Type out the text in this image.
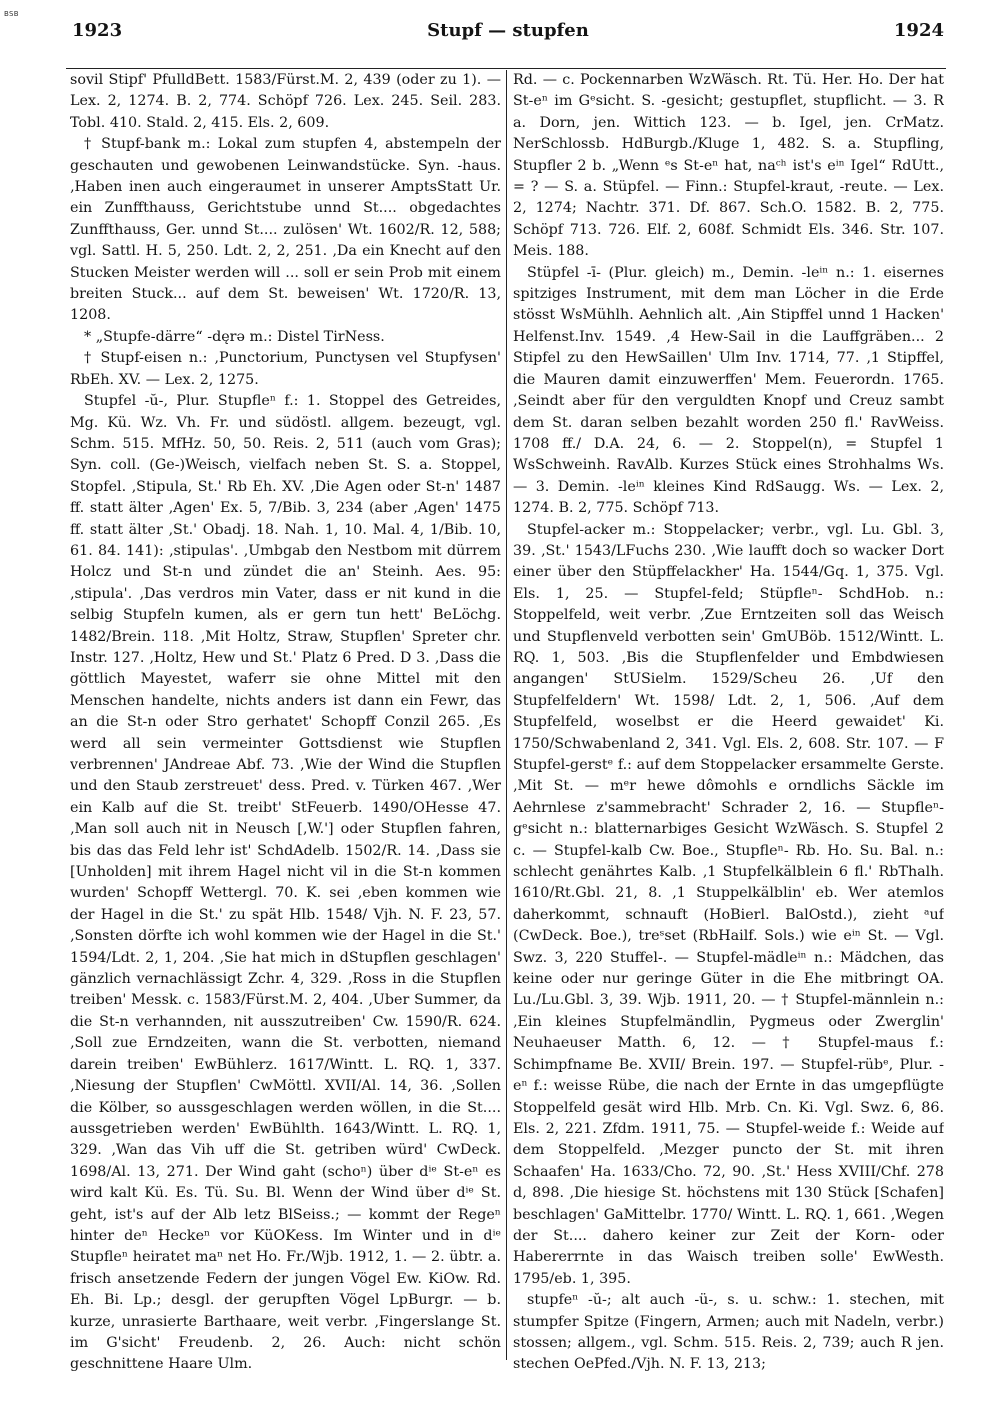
BSB
1923	Stupf — stupfen	1924

sovil Stipf' PfulldBett. 1583/Fürst.M. 2, 439 (oder zu 1). — Lex. 2, 1274. B. 2, 774. Schöpf 726. Lex. 245. Seil. 283. Tobl. 410. Stald. 2, 415. Els. 2, 609.

† Stupf-bank m.: Lokal zum stupfen 4, abstempeln der geschauten und gewobenen Leinwandstücke. Syn. -haus. ‚Haben inen auch eingeraumet in unserer AmptsStatt Ur. ein Zunffthauss, Gerichtstube unnd St.... obgedachtes Zunffthauss, Ger. unnd St.... zulösen' Wt. 1602/R. 12, 588; vgl. Sattl. H. 5, 250. Ldt. 2, 2, 251. ‚Da ein Knecht auf den Stucken Meister werden will ... soll er sein Prob mit einem breiten Stuck... auf dem St. beweisen' Wt. 1720/R. 13, 1208.

* „Stupfe-därre“ -dęrə m.: Distel TirNess.

† Stupf-eisen n.: ‚Punctorium, Punctysen vel Stupfysen' RbEh. XV. — Lex. 2, 1275.

Stupfel -ŭ-, Plur. Stupfleⁿ f.: 1. Stoppel des Getreides, Mg. Kü. Wz. Vh. Fr. und südöstl. allgem. bezeugt, vgl. Schm. 515. MfHz. 50, 50. Reis. 2, 511 (auch vom Gras); Syn. coll. (Ge-)Weisch, vielfach neben St. S. a. Stoppel, Stopfel. ‚Stipula, St.' Rb Eh. XV. ‚Die Agen oder St-n' 1487 ff. statt älter ‚Agen' Ex. 5, 7/Bib. 3, 234 (aber ‚Agen' 1475 ff. statt älter ‚St.' Obadj. 18. Nah. 1, 10. Mal. 4, 1/Bib. 10, 61. 84. 141): ‚stipulas'. ‚Umbgab den Nestbom mit dürrem Holcz und St-n und zündet die an' Steinh. Aes. 95: ‚stipula'. ‚Das verdros min Vater, dass er nit kund in die selbig Stupfeln kumen, als er gern tun hett' BeLöchg. 1482/Brein. 118. ‚Mit Holtz, Straw, Stupflen' Spreter chr. Instr. 127. ‚Holtz, Hew und St.' Platz 6 Pred. D 3. ‚Dass die göttlich Mayestet, waferr sie ohne Mittel mit den Menschen handelte, nichts anders ist dann ein Fewr, das an die St-n oder Stro gerhatet' Schopff Conzil 265. ‚Es werd all sein vermeinter Gottsdienst wie Stupflen verbrennen' JAndreae Abf. 73. ‚Wie der Wind die Stupflen und den Staub zerstreuet' dess. Pred. v. Türken 467. ‚Wer ein Kalb auf die St. treibt' StFeuerb. 1490/OHesse 47. ‚Man soll auch nit in Neusch [‚W.'] oder Stupflen fahren, bis das das Feld lehr ist' SchdAdelb. 1502/R. 14. ‚Dass sie [Unholden] mit ihrem Hagel nicht vil in die St-n kommen wurden' Schopff Wettergl. 70. K. sei ‚eben kommen wie der Hagel in die St.' zu spät Hlb. 1548/ Vjh. N. F. 23, 57. ‚Sonsten dörfte ich wohl kommen wie der Hagel in die St.' 1594/Ldt. 2, 1, 204. ‚Sie hat mich in dStupflen geschlagen' gänzlich vernachlässigt Zchr. 4, 329. ‚Ross in die Stupflen treiben' Messk. c. 1583/Fürst.M. 2, 404. ‚Uber Summer, da die St-n verhannden, nit ausszutreiben' Cw. 1590/R. 624. ‚Soll zue Erndzeiten, wann die St. verbotten, niemand darein treiben' EwBühlerz. 1617/Wintt. L. RQ. 1, 337. ‚Niesung der Stupflen' CwMöttl. XVII/Al. 14, 36. ‚Sollen die Kölber, so aussgeschlagen werden wöllen, in die St.... aussgetrieben werden' EwBühlth. 1643/Wintt. L. RQ. 1, 329. ‚Wan das Vih uff die St. getriben würd' CwDeck. 1698/Al. 13, 271. Der Wind gaht (schoⁿ) über dⁱᵉ St-eⁿ es wird kalt Kü. Es. Tü. Su. Bl. Wenn der Wind über dⁱᵉ St. geht, ist's auf der Alb letz BlSeiss.; — kommt der Regeⁿ hinter deⁿ Heckeⁿ vor KüOKess. Im Winter und in dⁱᵉ Stupfleⁿ heiratet maⁿ net Ho. Fr./Wjb. 1912, 1. — 2. übtr. a. frisch ansetzende Federn der jungen Vögel Ew. KiOw. Rd. Eh. Bi. Lp.; desgl. der gerupften Vögel LpBurgr. — b. kurze, unrasierte Barthaare, weit verbr. ‚Fingerslange St. im G'sicht' Freudenb. 2, 26. Auch: nicht schön geschnittene Haare Ulm.

Rd. — c. Pockennarben WzWäsch. Rt. Tü. Her. Ho. Der hat St-eⁿ im Gᵉsicht. S. -gesicht; gestupflet, stupflicht. — 3. R a. Dorn, jen. Wittich 123. — b. Igel, jen. CrMatz. NerSchlossb. HdBurgb./Kluge 1, 482. S. a. Stupfling, Stupfler 2 b. „Wenn ᵉs St-eⁿ hat, naᶜʰ ist's eⁱⁿ Igel“ RdUtt., = ? — S. a. Stüpfel. — Finn.: Stupfel-kraut, -reute. — Lex. 2, 1274; Nachtr. 371. Df. 867. Sch.O. 1582. B. 2, 775. Schöpf 713. 726. Elf. 2, 608f. Schmidt Els. 346. Str. 107. Meis. 188.

Stüpfel -ī- (Plur. gleich) m., Demin. -leⁱⁿ n.: 1. eisernes spitziges Instrument, mit dem man Löcher in die Erde stösst WsMühlh. Aehnlich alt. ‚Ain Stipffel unnd 1 Hacken' Helfenst.Inv. 1549. ‚4 Hew-Sail in die Lauffgräben... 2 Stipfel zu den HewSaillen' Ulm Inv. 1714, 77. ‚1 Stipffel, die Mauren damit einzuwerffen' Mem. Feuerordn. 1765. ‚Seindt aber für den verguldten Knopf und Creuz sambt dem St. daran selben bezahlt worden 250 fl.' RavWeiss. 1708 ff./ D.A. 24, 6. — 2. Stoppel(n), = Stupfel 1 WsSchweinh. RavAlb. Kurzes Stück eines Strohhalms Ws. — 3. Demin. -leⁱⁿ kleines Kind RdSaugg. Ws. — Lex. 2, 1274. B. 2, 775. Schöpf 713.

Stupfel-acker m.: Stoppelacker; verbr., vgl. Lu. Gbl. 3, 39. ‚St.' 1543/LFuchs 230. ‚Wie laufft doch so wacker Dort einer über den Stüpffelackher' Ha. 1544/Gq. 1, 375. Vgl. Els. 1, 25. — Stupfel-feld; Stüpfleⁿ- SchdHob. n.: Stoppelfeld, weit verbr. ‚Zue Erntzeiten soll das Weisch und Stupflenveld verbotten sein' GmUBöb. 1512/Wintt. L. RQ. 1, 503. ‚Bis die Stupflenfelder und Embdwiesen angangen' StUSielm. 1529/Scheu 26. ‚Uf den Stupfelfeldern' Wt. 1598/ Ldt. 2, 1, 506. ‚Auf dem Stupfelfeld, woselbst er die Heerd gewaidet' Ki. 1750/Schwabenland 2, 341. Vgl. Els. 2, 608. Str. 107. — F Stupfel-gerstᵉ f.: auf dem Stoppelacker ersammelte Gerste. ‚Mit St. — mᵉr hewe dômohls e orndlichs Säckle im Aehrnlese z'sammebracht' Schrader 2, 16. — Stupfleⁿ-gᵉsicht n.: blatternarbiges Gesicht WzWäsch. S. Stupfel 2 c. — Stupfel-kalb Cw. Boe., Stupfleⁿ- Rb. Ho. Su. Bal. n.: schlecht genährtes Kalb. ‚1 Stupfelkälblein 6 fl.' RbThalh. 1610/Rt.Gbl. 21, 8. ‚1 Stuppelkälblin' eb. Wer atemlos daherkommt, schnauft (HoBierl. BalOstd.), zieht ᵃuf (CwDeck. Boe.), treˢset (RbHailf. Sols.) wie eⁱⁿ St. — Vgl. Swz. 3, 220 Stuffel-. — Stupfel-mädleⁱⁿ n.: Mädchen, das keine oder nur geringe Güter in die Ehe mitbringt OA. Lu./Lu.Gbl. 3, 39. Wjb. 1911, 20. — † Stupfel-männlein n.: ‚Ein kleines Stupfelmändlin, Pygmeus oder Zwerglin' Neuhaeuser Matth. 6, 12. — † Stupfel-maus f.: Schimpfname Be. XVII/ Brein. 197. — Stupfel-rübᵉ, Plur. -eⁿ f.: weisse Rübe, die nach der Ernte in das umgepflügte Stoppelfeld gesät wird Hlb. Mrb. Cn. Ki. Vgl. Swz. 6, 86. Els. 2, 221. Zfdm. 1911, 75. — Stupfel-weide f.: Weide auf dem Stoppelfeld. ‚Mezger puncto der St. mit ihren Schaafen' Ha. 1633/Cho. 72, 90. ‚St.' Hess XVIII/Chf. 278 d, 898. ‚Die hiesige St. höchstens mit 130 Stück [Schafen] beschlagen' GaMittelbr. 1770/ Wintt. L. RQ. 1, 661. ‚Wegen der St.... dahero keiner zur Zeit der Korn- oder Habererrnte in das Waisch treiben solle' EwWesth. 1795/eb. 1, 395.

stupfeⁿ -ŭ-; alt auch -ü-, s. u. schw.: 1. stechen, mit stumpfer Spitze (Fingern, Armen; auch mit Nadeln, verbr.) stossen; allgem., vgl. Schm. 515. Reis. 2, 739; auch R jen. stechen OePfed./Vjh. N. F. 13, 213;
